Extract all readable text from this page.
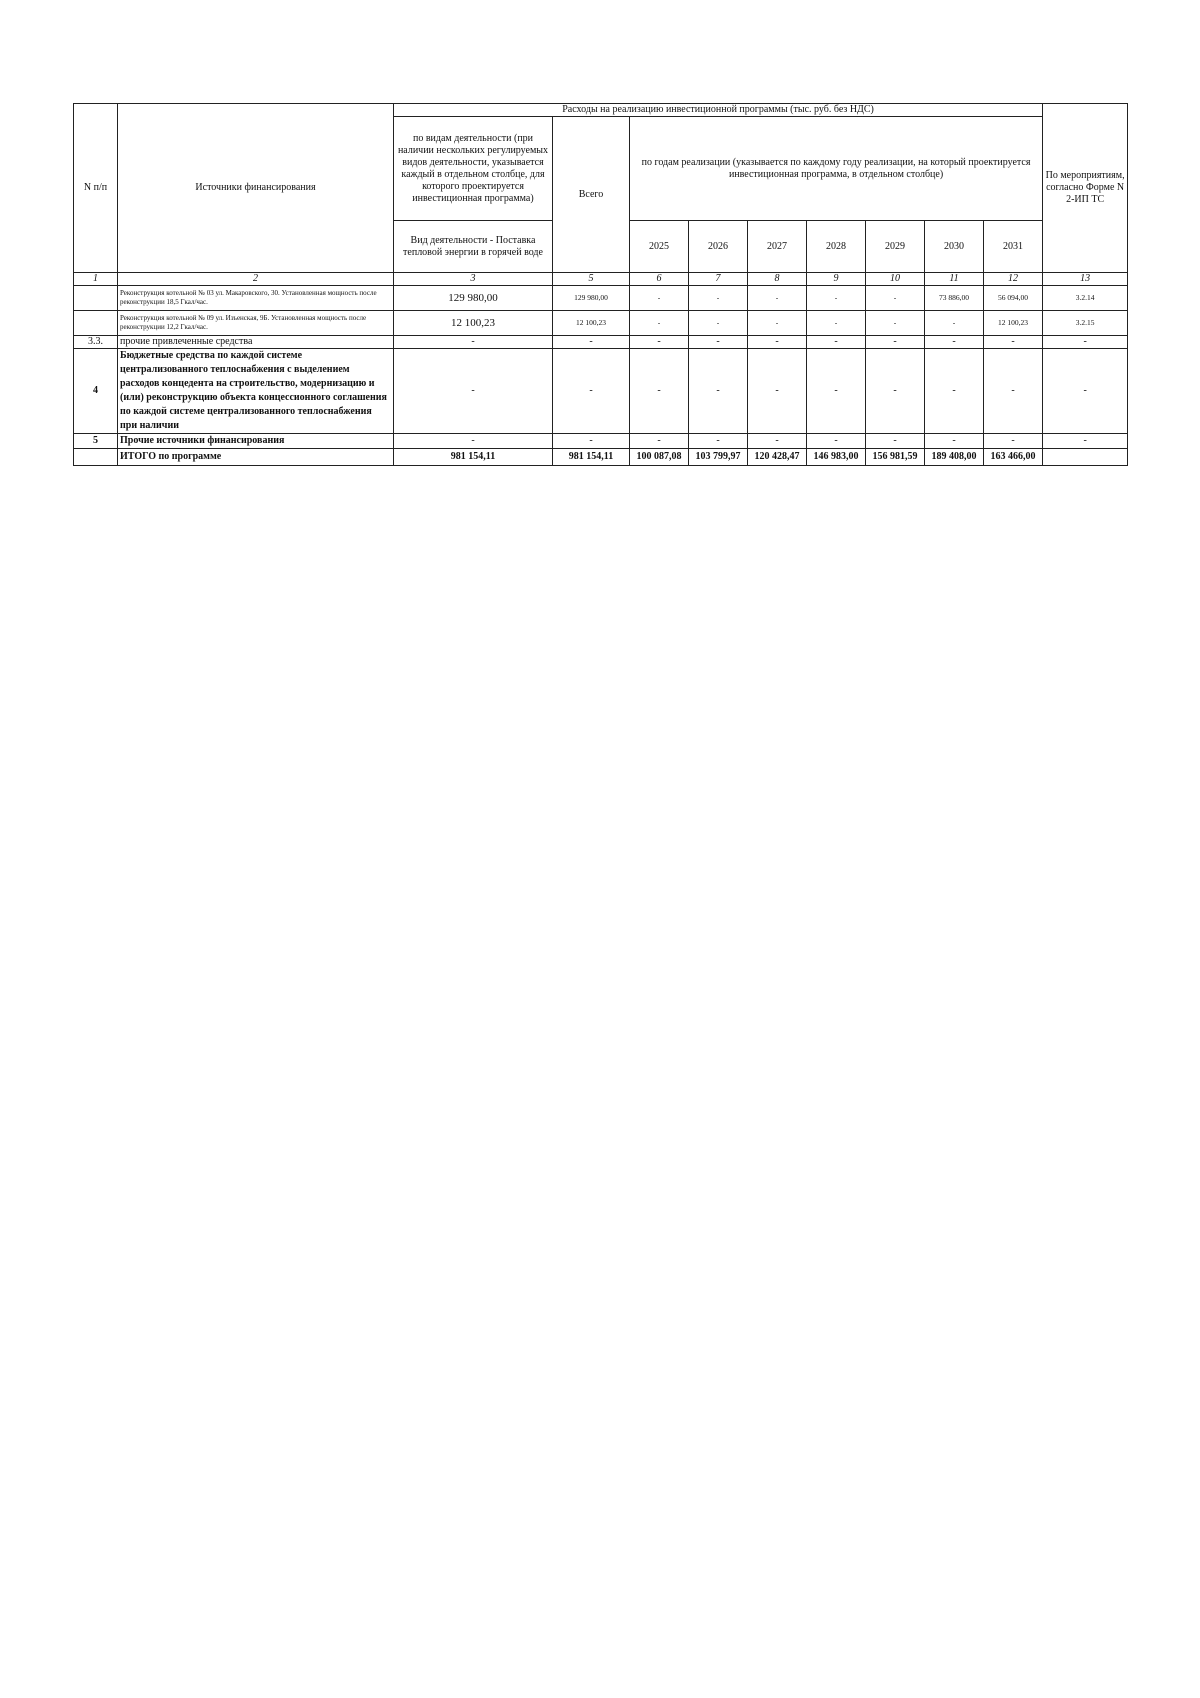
N п/п	Источники финансирования	Расходы на реализацию инвестиционной программы (тыс. руб. без НДС)									По мероприятиям, согласно Форме N 2-ИП ТС
		по видам деятельности (при наличии нескольких регулируемых видов деятельности, указывается каждый в отдельном столбце, для которого проектируется инвестиционная программа)	Всего	по годам реализации (указывается по каждому году реализации, на который проектируется инвестиционная программа, в отдельном столбце)							
		Вид деятельности - Поставка тепловой энергии в горячей воде		2025	2026	2027	2028	2029	2030	2031	
1	2	3	5	6	7	8	9	10	11	12	13
	Реконструкция котельной № 03 ул. Макаровского, 30. Установленная мощность после реконструкции 18,5 Гкал/час.	129 980,00	129 980,00	-	-	-	-	-	73 886,00	56 094,00	3.2.14
	Реконструкция котельной № 09 ул. Изъенская, 9Б. Установленная мощность после реконструкции 12,2 Гкал/час.	12 100,23	12 100,23	-	-	-	-	-	-	12 100,23	3.2.15
3.3.	прочие привлеченные средства	-	-	-	-	-	-	-	-	-	-
4	Бюджетные средства по каждой системе централизованного теплоснабжения с выделением расходов концедента на строительство, модернизацию и (или) реконструкцию объекта концессионного соглашения по каждой системе централизованного теплоснабжения при наличии	-	-	-	-	-	-	-	-	-	-
5	Прочие источники финансирования	-	-	-	-	-	-	-	-	-	-
	ИТОГО по программе	981 154,11	981 154,11	100 087,08	103 799,97	120 428,47	146 983,00	156 981,59	189 408,00	163 466,00	
